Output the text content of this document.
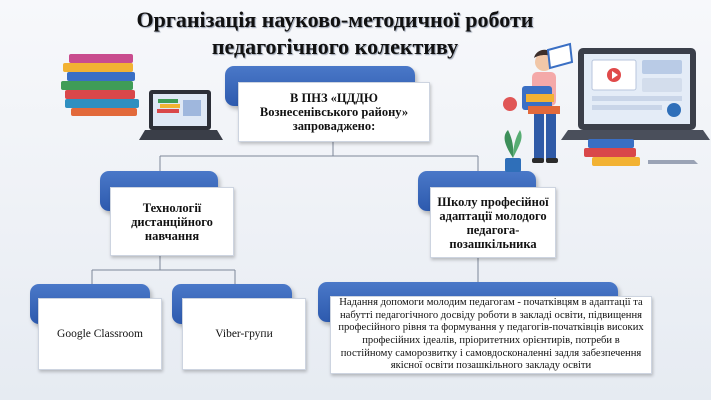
Організація науково-методичної роботи
педагогічного колективу
В ПНЗ «ЦДДЮ Вознесенівського району» запроваджено:
Технології дистанційного навчання
Школу професійної адаптації молодого педагога-позашкільника
Google Classroom	Viber-групи
Надання допомоги молодим педагогам - початківцям в адаптації та набутті педагогічного досвіду роботи в закладі освіти, підвищення професійного рівня та формування у педагогів-початківців високих професійних ідеалів, пріоритетних орієнтирів, потреби в постійному саморозвитку і самовдосконаленні задля забезпечення якісної освіти позашкільного закладу освіти
